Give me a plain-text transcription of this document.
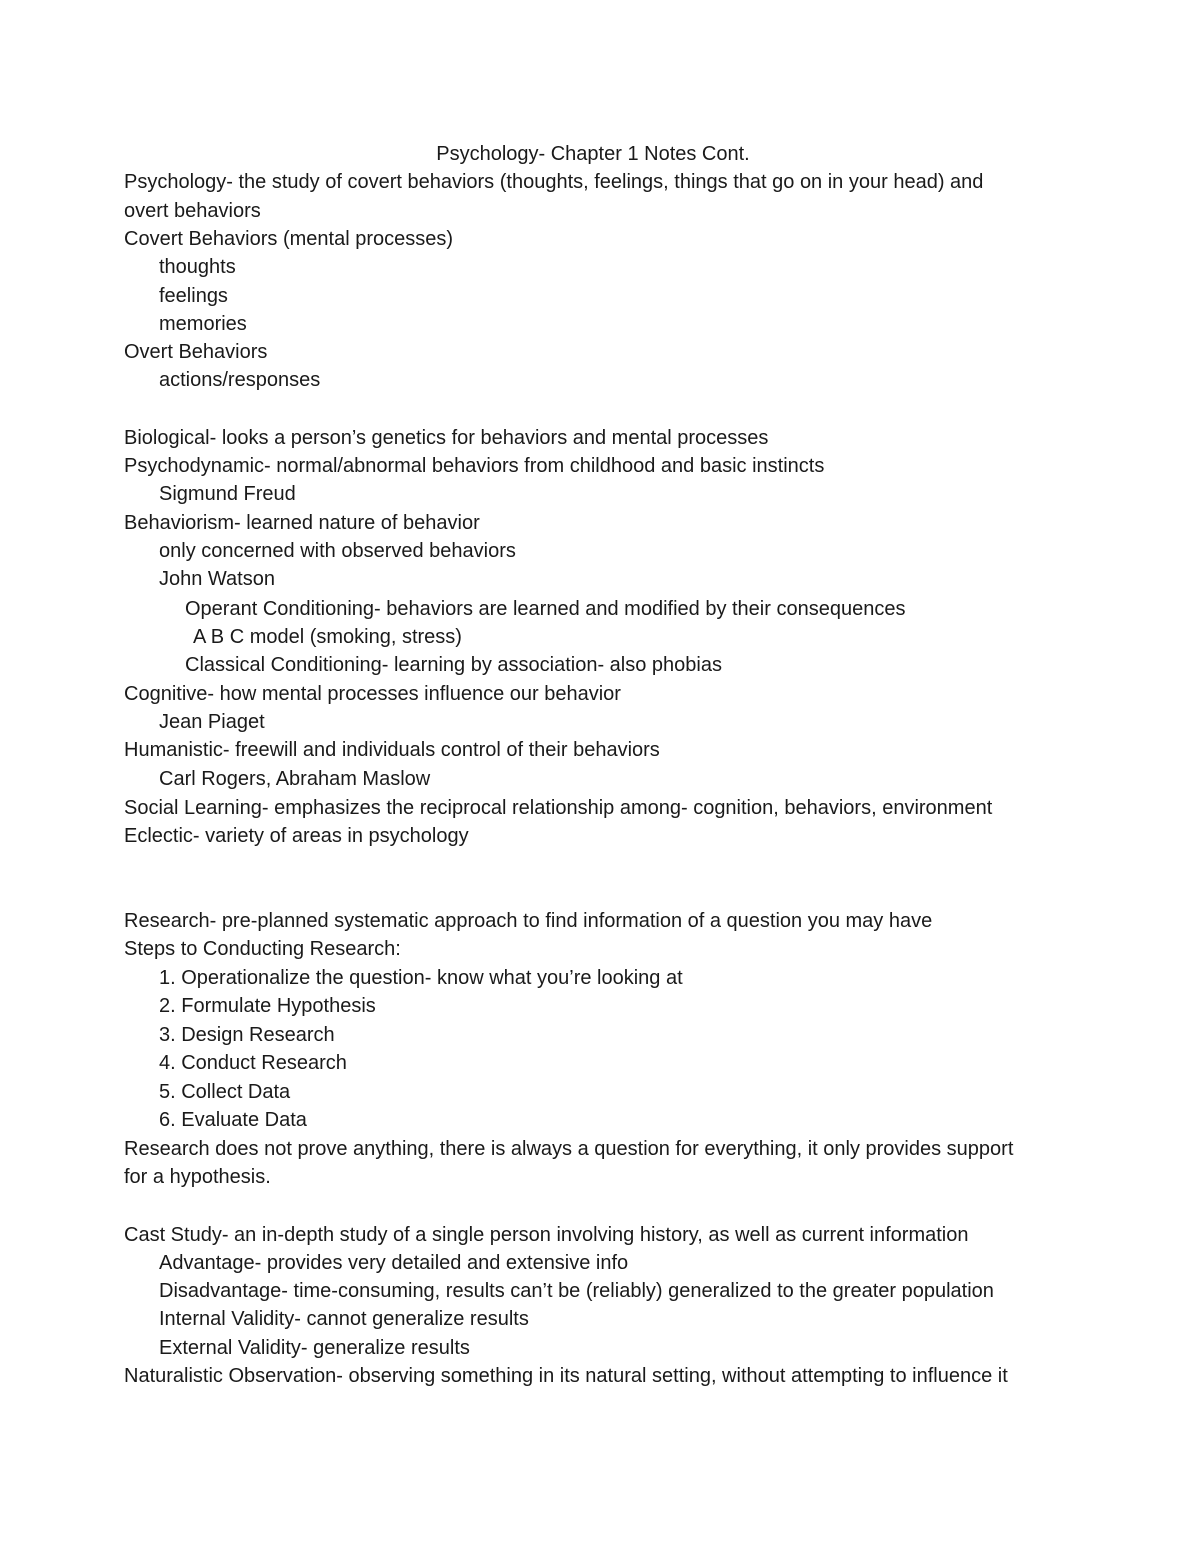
Psychology- Chapter 1 Notes Cont.
Psychology- the study of covert behaviors (thoughts, feelings, things that go on in your head) and
overt behaviors
Covert Behaviors (mental processes)
thoughts
feelings
memories
Overt Behaviors
actions/responses
Biological- looks a person’s genetics for behaviors and mental processes
Psychodynamic- normal/abnormal behaviors from childhood and basic instincts
Sigmund Freud
Behaviorism- learned nature of behavior
only concerned with observed behaviors
John Watson
Operant Conditioning- behaviors are learned and modified by their consequences
A B C model (smoking, stress)
Classical Conditioning- learning by association- also phobias
Cognitive- how mental processes influence our behavior
Jean Piaget
Humanistic- freewill and individuals control of their behaviors
Carl Rogers, Abraham Maslow
Social Learning- emphasizes the reciprocal relationship among- cognition, behaviors, environment
Eclectic- variety of areas in psychology
Research- pre-planned systematic approach to find information of a question you may have
Steps to Conducting Research:
1. Operationalize the question- know what you’re looking at
2. Formulate Hypothesis
3. Design Research
4. Conduct Research
5. Collect Data
6. Evaluate Data
Research does not prove anything, there is always a question for everything, it only provides support
for a hypothesis.
Cast Study- an in-depth study of a single person involving history, as well as current information
Advantage- provides very detailed and extensive info
Disadvantage- time-consuming, results can’t be (reliably) generalized to the greater population
Internal Validity- cannot generalize results
External Validity- generalize results
Naturalistic Observation- observing something in its natural setting, without attempting to influence it
